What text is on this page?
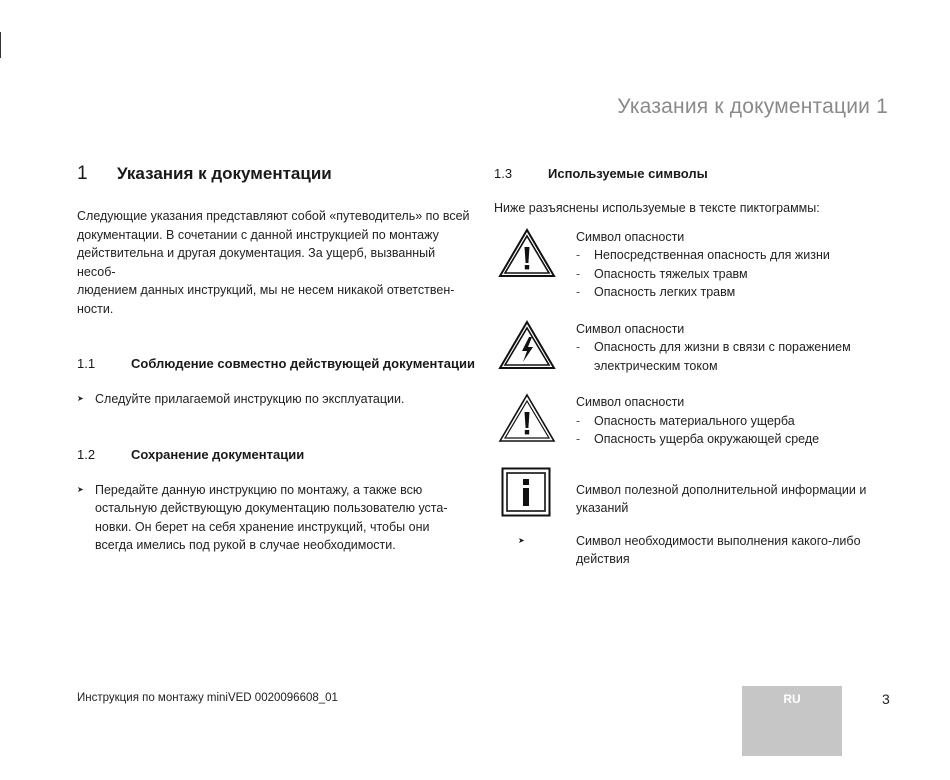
Указания к документации 1
1	Указания к документации
Следующие указания представляют собой «путеводитель» по всей
документации. В сочетании с данной инструкцией по монтажу
действительна и другая документация. За ущерб, вызванный несоб-
людением данных инструкций, мы не несем никакой ответствен-
ности.
1.1	Соблюдение совместно действующей документации
➤ Следуйте прилагаемой инструкцию по эксплуатации.
1.2	Сохранение документации
➤ Передайте данную инструкцию по монтажу, а также всю
остальную действующую документацию пользователю уста-
новки. Он берет на себя хранение инструкций, чтобы они
всегда имелись под рукой в случае необходимости.
1.3	Используемые символы
Ниже разъяснены используемые в тексте пиктограммы:
Символ опасности
-	Непосредственная опасность для жизни
-	Опасность тяжелых травм
-	Опасность легких травм
Символ опасности
-	Опасность для жизни в связи с поражением
электрическим током
Символ опасности
-	Опасность материального ущерба
-	Опасность ущерба окружающей среде
Символ полезной дополнительной информации и
указаний
➤	Символ необходимости выполнения какого-либо
действия
Инструкция по монтажу miniVED 0020096608_01	RU	3
